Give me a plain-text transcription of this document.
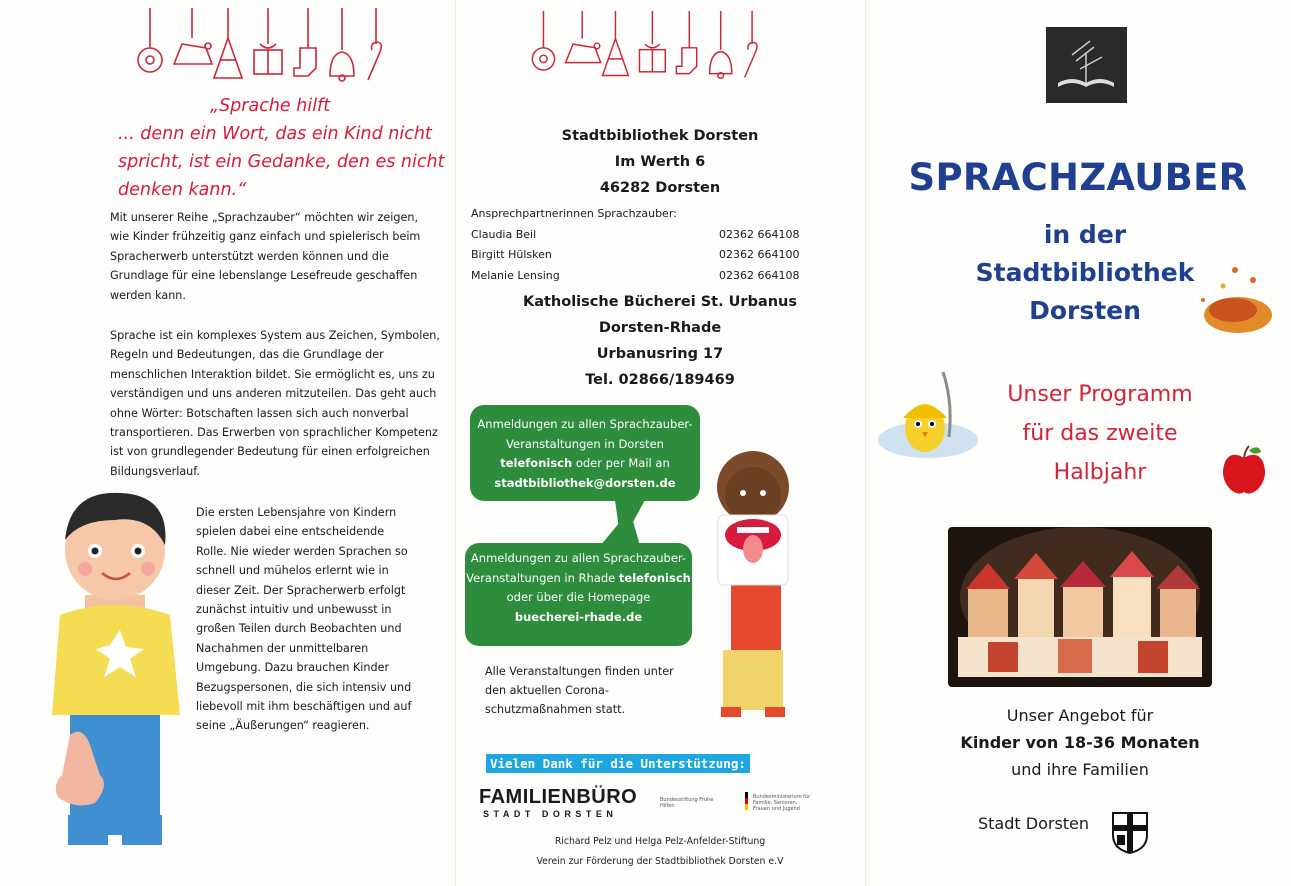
„Sprache hilft
... denn ein Wort, das ein Kind nicht
spricht, ist ein Gedanke, den es nicht
denken kann.“
Mit unserer Reihe „Sprachzauber“ möchten wir zeigen, wie Kinder frühzeitig ganz einfach und spielerisch beim Spracherwerb unterstützt werden können und die Grundlage für eine lebenslange Lesefreude geschaffen werden kann.
Sprache ist ein komplexes System aus Zeichen, Symbolen, Regeln und Bedeutungen, das die Grundlage der menschlichen Interaktion bildet. Sie ermöglicht es, uns zu verständigen und uns anderen mitzuteilen. Das geht auch ohne Wörter: Botschaften lassen sich auch nonverbal transportieren. Das Erwerben von sprachlicher Kompetenz ist von grundlegender Bedeutung für einen erfolgreichen Bildungsverlauf.
Die ersten Lebensjahre von Kindern spielen dabei eine entscheidende Rolle. Nie wieder werden Sprachen so schnell und mühelos erlernt wie in dieser Zeit. Der Spracherwerb erfolgt zunächst intuitiv und unbewusst in großen Teilen durch Beobachten und Nachahmen der unmittelbaren Umgebung. Dazu brauchen Kinder Bezugspersonen, die sich intensiv und liebevoll mit ihm beschäftigen und auf seine „Äußerungen“ reagieren.
Stadtbibliothek Dorsten
Im Werth 6
46282 Dorsten
Ansprechpartnerinnen Sprachzauber:
Claudia Beil	02362 664108
Birgitt Hülsken	02362 664100
Melanie Lensing	02362 664108
Katholische Bücherei St. Urbanus
Dorsten-Rhade
Urbanusring 17
Tel. 02866/189469
Anmeldungen zu allen Sprachzauber-Veranstaltungen in Dorsten telefonisch oder per Mail an
stadtbibliothek@dorsten.de
Anmeldungen zu allen Sprachzauber-Veranstaltungen in Rhade telefonisch oder über die Homepage
buecherei-rhade.de
Alle Veranstaltungen finden unter den aktuellen Corona-schutzmaßnahmen statt.
Vielen Dank für die Unterstützung:
FAMILIENBÜRO
STADT DORSTEN
Bundesstiftung Frühe Hilfen
Bundesministerium für Familie, Senioren, Frauen und Jugend
Richard Pelz und Helga Pelz-Anfelder-Stiftung
Verein zur Förderung der Stadtbibliothek Dorsten e.V
SPRACHZAUBER
in der
Stadtbibliothek
Dorsten
Unser Programm
für das zweite
Halbjahr
Unser Angebot für
Kinder von 18-36 Monaten
und ihre Familien
Stadt Dorsten
